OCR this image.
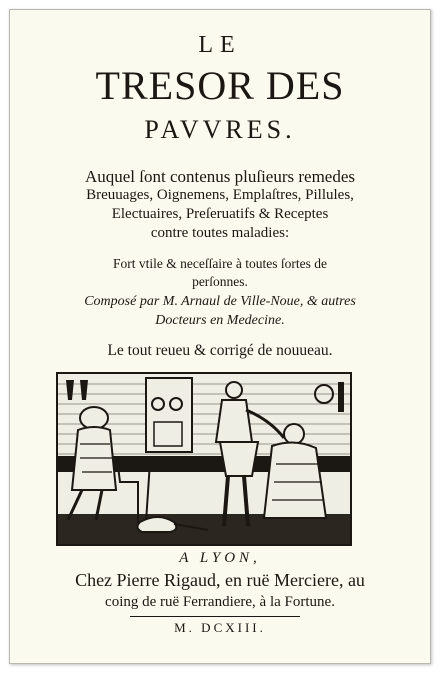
LE
TRESOR DES
PAVVRES.
Auquel ſont contenus pluſieurs remedes
Breuuages, Oignemens, Emplaſtres, Pillules,
Electuaires, Preſeruatifs & Receptes
contre toutes maladies:
Fort vtile & neceſſaire à toutes ſortes de
perſonnes.
Composé par M. Arnaul de Ville-Noue, & autres
Docteurs en Medecine.
Le tout reueu & corrigé de nouueau.
A LYON,
Chez Pierre Rigaud, en ruë Merciere, au
coing de ruë Ferrandiere, à la Fortune.
M. DCXIII.
